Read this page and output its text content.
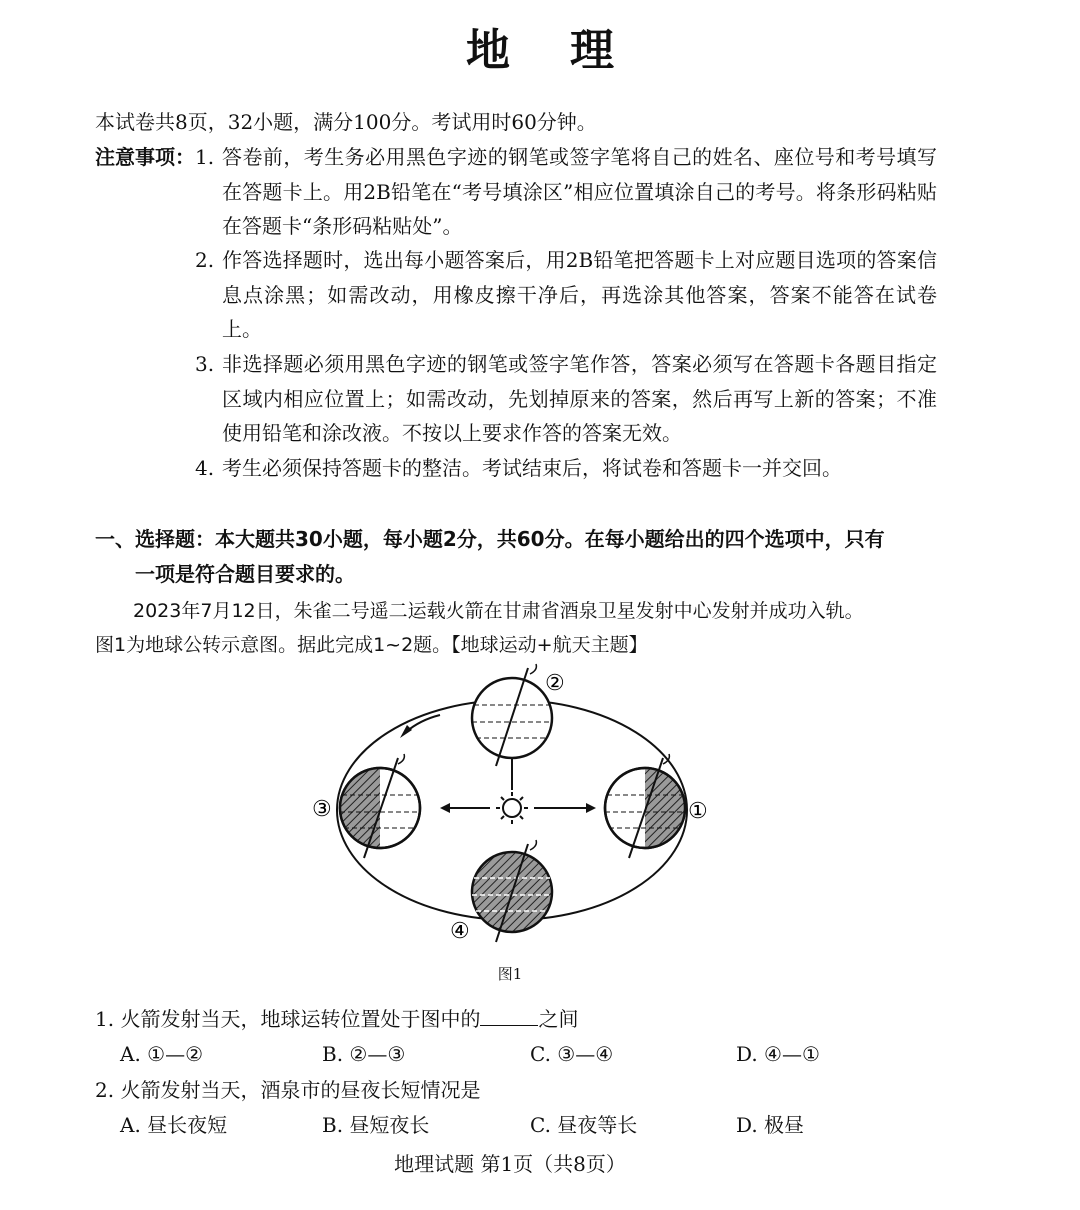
地理
本试卷共8页，32小题，满分100分。考试用时60分钟。
注意事项： 1. 答卷前，考生务必用黑色字迹的钢笔或签字笔将自己的姓名、座位号和考号填写在答题卡上。用2B铅笔在“考号填涂区”相应位置填涂自己的考号。将条形码粘贴在答题卡“条形码粘贴处”。
2. 作答选择题时，选出每小题答案后，用2B铅笔把答题卡上对应题目选项的答案信息点涂黑；如需改动，用橡皮擦干净后，再选涂其他答案，答案不能答在试卷上。
3. 非选择题必须用黑色字迹的钢笔或签字笔作答，答案必须写在答题卡各题目指定区域内相应位置上；如需改动，先划掉原来的答案，然后再写上新的答案；不准使用铅笔和涂改液。不按以上要求作答的答案无效。
4. 考生必须保持答题卡的整洁。考试结束后，将试卷和答题卡一并交回。
一、选择题：本大题共30小题，每小题2分，共60分。在每小题给出的四个选项中，只有
一项是符合题目要求的。
2023年7月12日，朱雀二号遥二运载火箭在甘肃省酒泉卫星发射中心发射并成功入轨。
图1为地球公转示意图。据此完成1~2题。【地球运动+航天主题】
②
③	①
④
图1
1. 火箭发射当天，地球运转位置处于图中的	之间
A. ①—②	B. ②—③	C. ③—④	D. ④—①
2. 火箭发射当天，酒泉市的昼夜长短情况是
A. 昼长夜短	B. 昼短夜长	C. 昼夜等长	D. 极昼
地理试题 第1页（共8页）
